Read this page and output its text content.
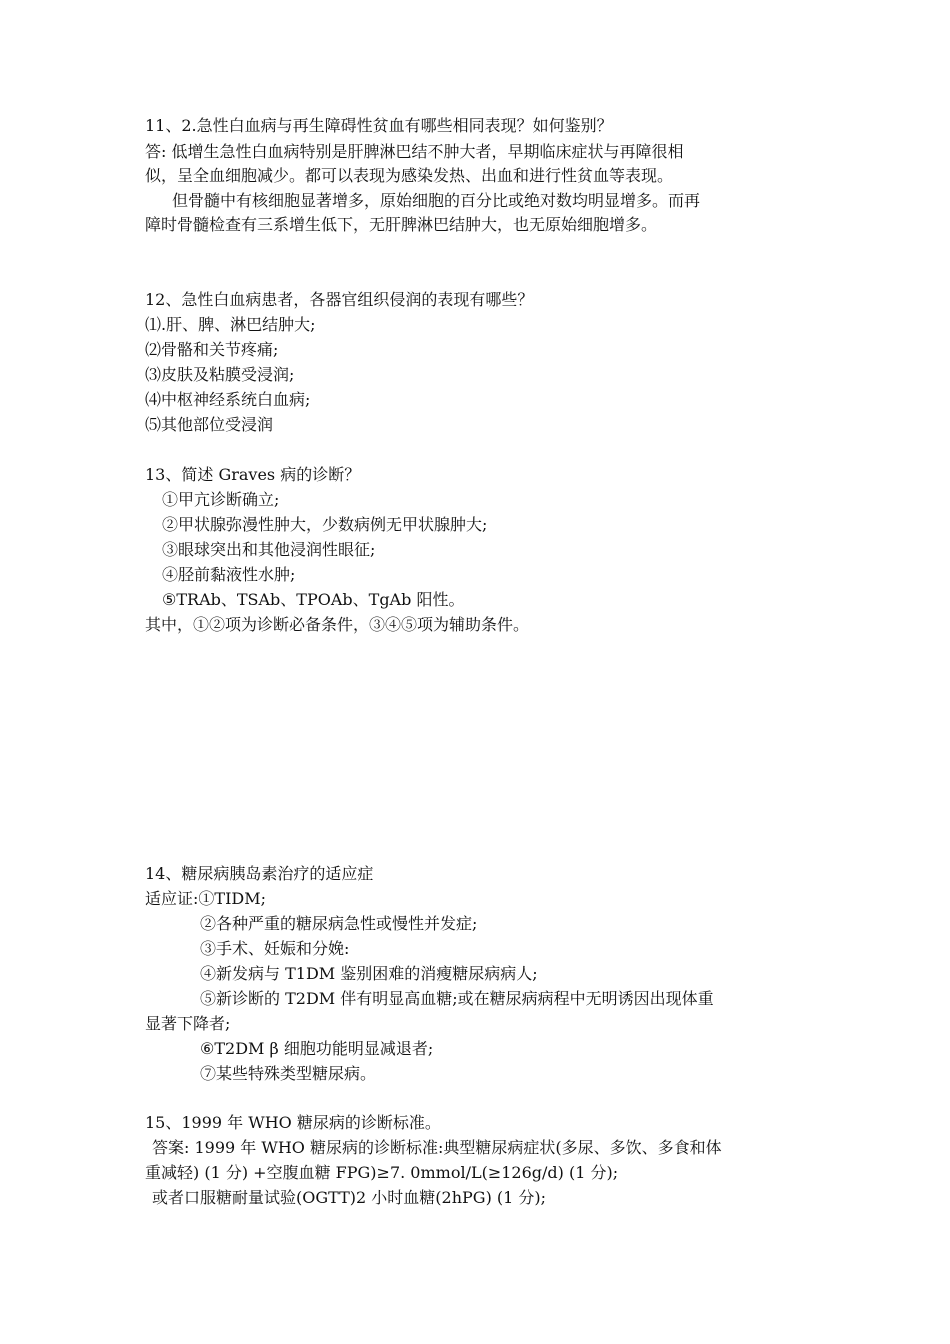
11、2.急性白血病与再生障碍性贫血有哪些相同表现？如何鉴别？
答: 低增生急性白血病特别是肝脾淋巴结不肿大者，早期临床症状与再障很相
似，呈全血细胞减少。都可以表现为感染发热、出血和进行性贫血等表现。
但骨髓中有核细胞显著增多，原始细胞的百分比或绝对数均明显增多。而再
障时骨髓检查有三系增生低下，无肝脾淋巴结肿大，也无原始细胞增多。
12、急性白血病患者，各器官组织侵润的表现有哪些？
⑴.肝、脾、淋巴结肿大;
⑵骨骼和关节疼痛;
⑶皮肤及粘膜受浸润;
⑷中枢神经系统白血病;
⑸其他部位受浸润
13、简述 Graves 病的诊断？
①甲亢诊断确立;
②甲状腺弥漫性肿大，少数病例无甲状腺肿大;
③眼球突出和其他浸润性眼征;
④胫前黏液性水肿;
⑤TRAb、TSAb、TPOAb、TgAb 阳性。
其中，①②项为诊断必备条件，③④⑤项为辅助条件。
14、糖尿病胰岛素治疗的适应症
适应证:①TIDM;
②各种严重的糖尿病急性或慢性并发症;
③手术、妊娠和分娩:
④新发病与 T1DM 鉴别困难的消瘦糖尿病病人;
⑤新诊断的 T2DM 伴有明显高血糖;或在糖尿病病程中无明诱因出现体重
显著下降者;
⑥T2DM β 细胞功能明显减退者;
⑦某些特殊类型糖尿病。
15、1999 年 WHO 糖尿病的诊断标准。
答案: 1999 年 WHO 糖尿病的诊断标准:典型糖尿病症状(多尿、多饮、多食和体
重减轻) (1 分) +空腹血糖 FPG)≥7. 0mmol/L(≥126g/d) (1 分);
或者口服糖耐量试验(OGTT)2 小时血糖(2hPG) (1 分);
